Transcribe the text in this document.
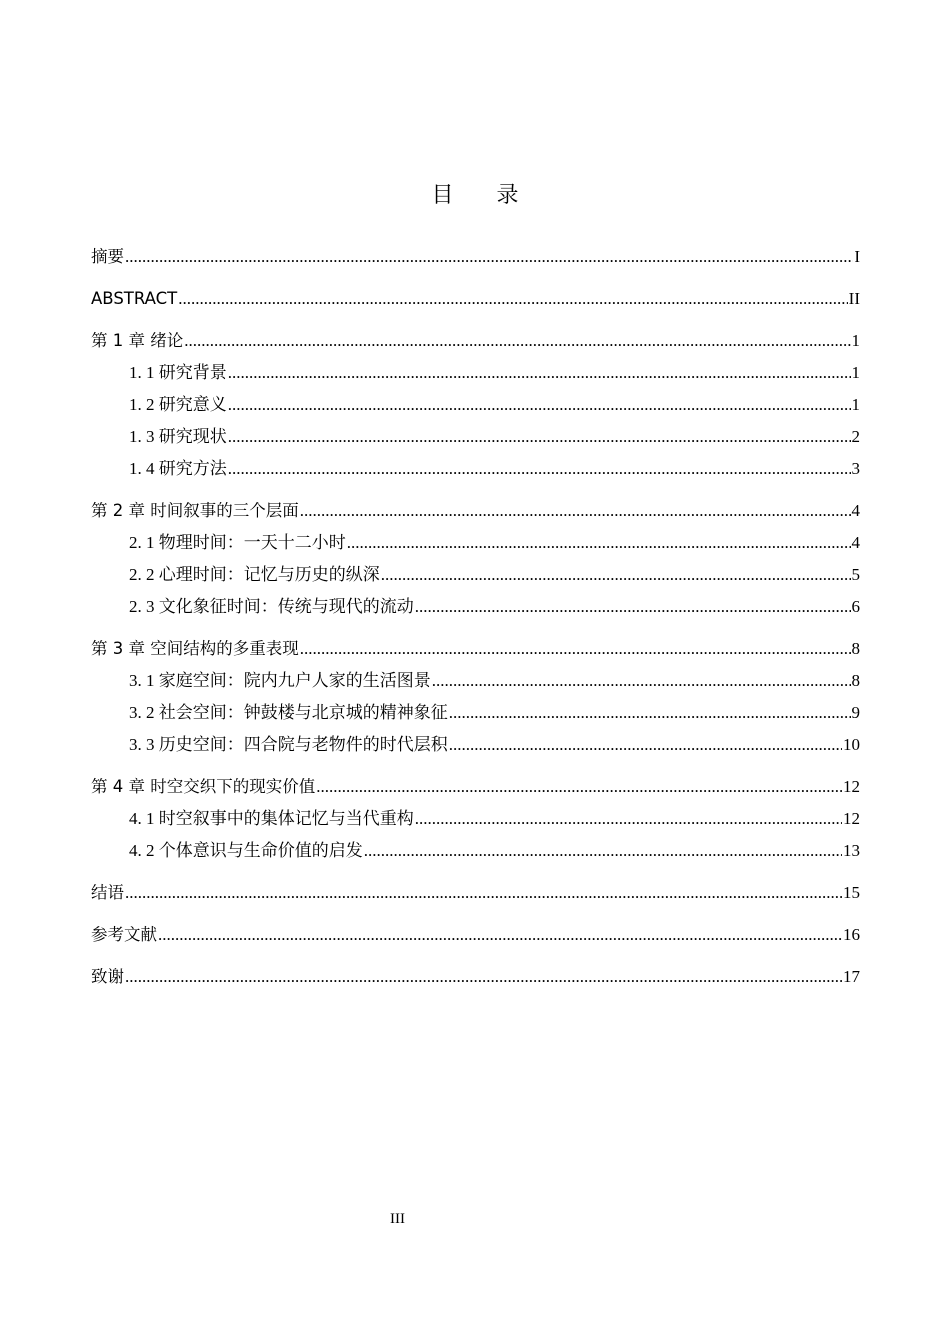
目 录
摘要 .....	I
ABSTRACT .....	II
第 1 章 绪论 .....	1
1. 1 研究背景 .....	1
1. 2 研究意义 .....	1
1. 3 研究现状 .....	2
1. 4 研究方法 .....	3
第 2 章 时间叙事的三个层面 .....	4
2. 1 物理时间：一天十二小时 .....	4
2. 2 心理时间：记忆与历史的纵深 .....	5
2. 3 文化象征时间：传统与现代的流动 .....	6
第 3 章 空间结构的多重表现 .....	8
3. 1 家庭空间：院内九户人家的生活图景 .....	8
3. 2 社会空间：钟鼓楼与北京城的精神象征 .....	9
3. 3 历史空间：四合院与老物件的时代层积 .....	10
第 4 章 时空交织下的现实价值 .....	12
4. 1 时空叙事中的集体记忆与当代重构 .....	12
4. 2 个体意识与生命价值的启发 .....	13
结语 .....	15
参考文献 .....	16
致谢 .....	17
III
